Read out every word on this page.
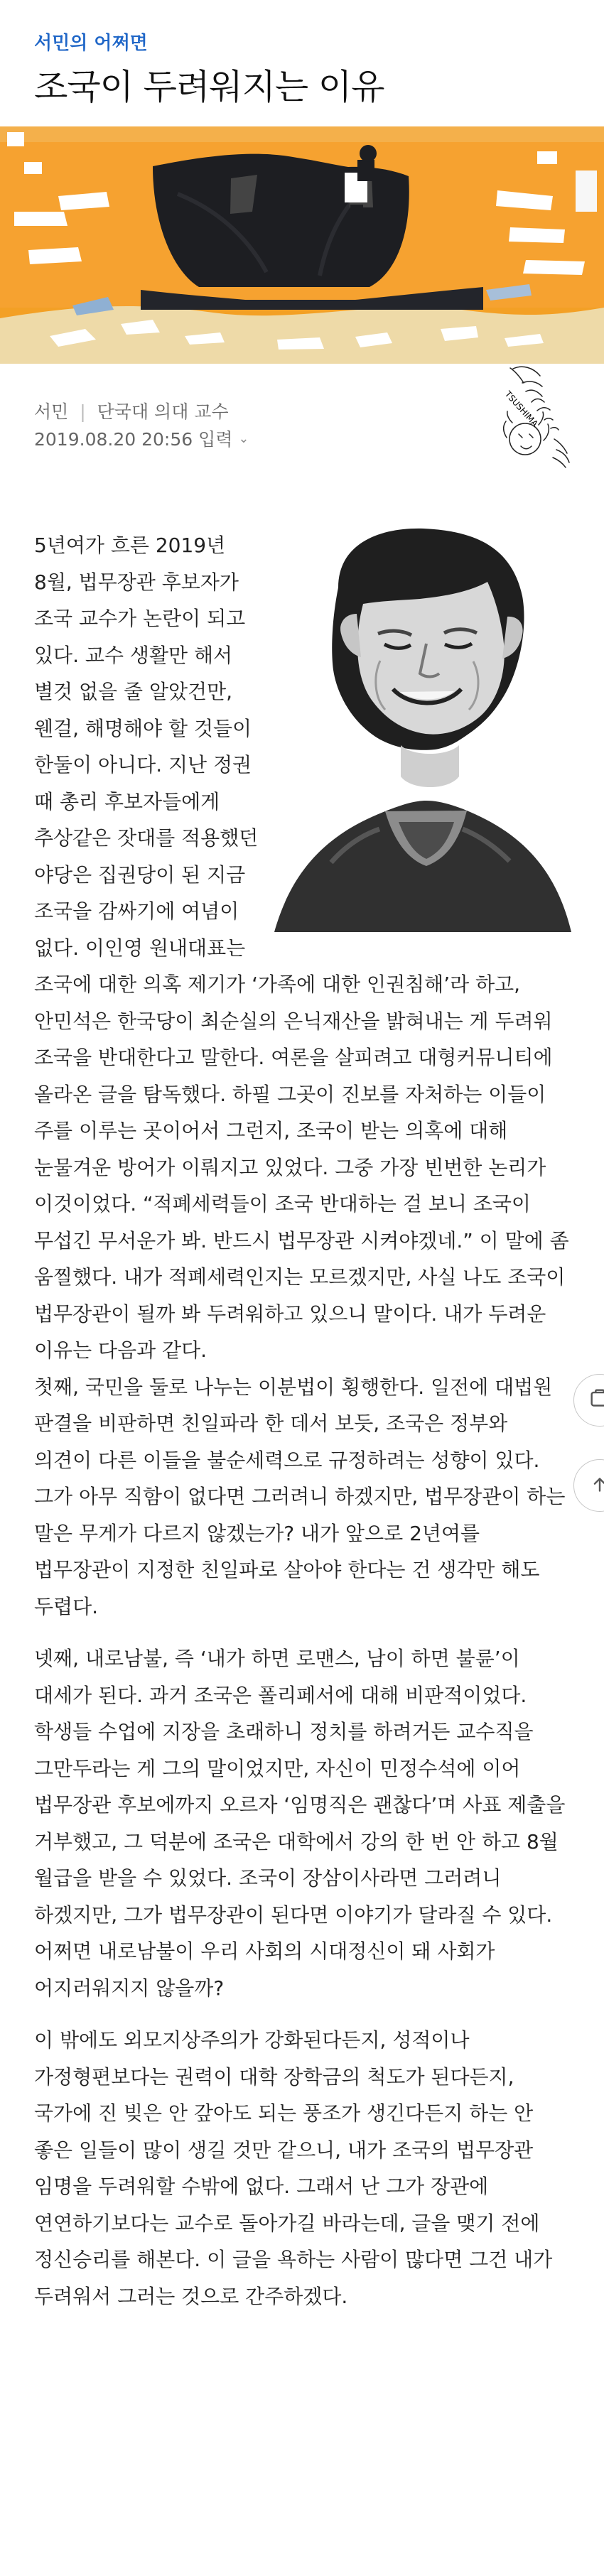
서민의 어쩌면
조국이 두려워지는 이유
서민 | 단국대 의대 교수
2019.08.20 20:56 입력 ⌄
TSUSHIMA

5년여가 흐른 2019년 8월, 법무장관 후보자가 조국 교수가 논란이 되고 있다. 교수 생활만 해서 별것 없을 줄 알았건만, 웬걸, 해명해야 할 것들이 한둘이 아니다. 지난 정권 때 총리 후보자들에게 추상같은 잣대를 적용했던 야당은 집권당이 된 지금 조국을 감싸기에 여념이 없다. 이인영 원내대표는 조국에 대한 의혹 제기가 ‘가족에 대한 인권침해’라 하고, 안민석은 한국당이 최순실의 은닉재산을 밝혀내는 게 두려워 조국을 반대한다고 말한다. 여론을 살피려고 대형커뮤니티에 올라온 글을 탐독했다. 하필 그곳이 진보를 자처하는 이들이 주를 이루는 곳이어서 그런지, 조국이 받는 의혹에 대해 눈물겨운 방어가 이뤄지고 있었다. 그중 가장 빈번한 논리가 이것이었다. “적폐세력들이 조국 반대하는 걸 보니 조국이 무섭긴 무서운가 봐. 반드시 법무장관 시켜야겠네.” 이 말에 좀 움찔했다. 내가 적폐세력인지는 모르겠지만, 사실 나도 조국이 법무장관이 될까 봐 두려워하고 있으니 말이다. 내가 두려운 이유는 다음과 같다.

첫째, 국민을 둘로 나누는 이분법이 횡행한다. 일전에 대법원 판결을 비판하면 친일파라 한 데서 보듯, 조국은 정부와 의견이 다른 이들을 불순세력으로 규정하려는 성향이 있다. 그가 아무 직함이 없다면 그러려니 하겠지만, 법무장관이 하는 말은 무게가 다르지 않겠는가? 내가 앞으로 2년여를 법무장관이 지정한 친일파로 살아야 한다는 건 생각만 해도 두렵다.

넷째, 내로남불, 즉 ‘내가 하면 로맨스, 남이 하면 불륜’이 대세가 된다. 과거 조국은 폴리페서에 대해 비판적이었다. 학생들 수업에 지장을 초래하니 정치를 하려거든 교수직을 그만두라는 게 그의 말이었지만, 자신이 민정수석에 이어 법무장관 후보에까지 오르자 ‘임명직은 괜찮다’며 사표 제출을 거부했고, 그 덕분에 조국은 대학에서 강의 한 번 안 하고 8월 월급을 받을 수 있었다. 조국이 장삼이사라면 그러려니 하겠지만, 그가 법무장관이 된다면 이야기가 달라질 수 있다. 어쩌면 내로남불이 우리 사회의 시대정신이 돼 사회가 어지러워지지 않을까?

이 밖에도 외모지상주의가 강화된다든지, 성적이나 가정형편보다는 권력이 대학 장학금의 척도가 된다든지, 국가에 진 빚은 안 갚아도 되는 풍조가 생긴다든지 하는 안 좋은 일들이 많이 생길 것만 같으니, 내가 조국의 법무장관 임명을 두려워할 수밖에 없다. 그래서 난 그가 장관에 연연하기보다는 교수로 돌아가길 바라는데, 글을 맺기 전에 정신승리를 해본다. 이 글을 욕하는 사람이 많다면 그건 내가 두려워서 그러는 것으로 간주하겠다.
